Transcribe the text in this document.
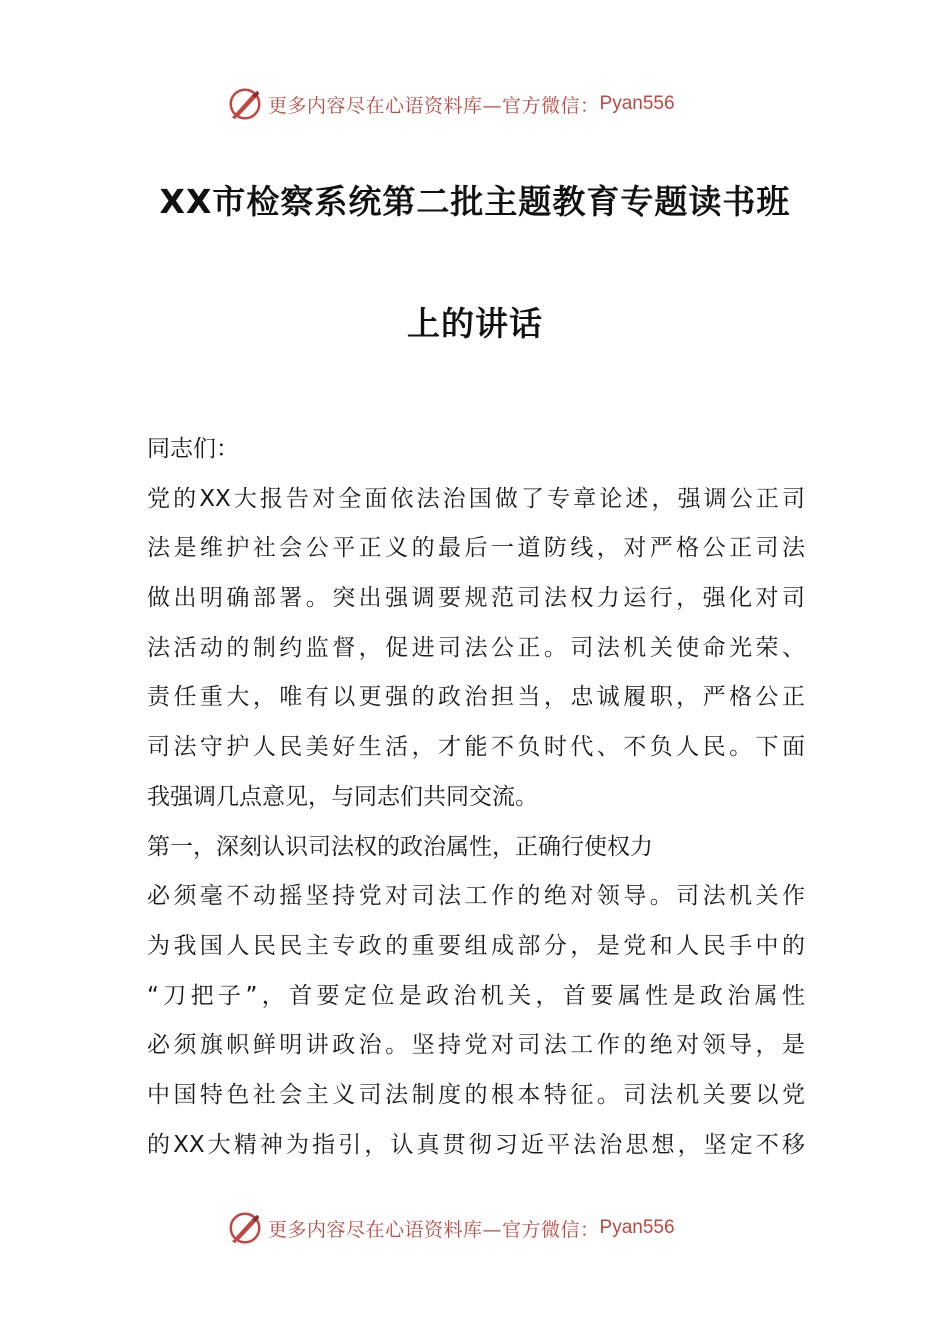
更多内容尽在心语资料库—官方微信： Pyan556
XX市检察系统第二批主题教育专题读书班
上的讲话
同志们：
党的XX大报告对全面依法治国做了专章论述，强调公正司
法是维护社会公平正义的最后一道防线，对严格公正司法
做出明确部署。突出强调要规范司法权力运行，强化对司
法活动的制约监督，促进司法公正。司法机关使命光荣、
责任重大，唯有以更强的政治担当，忠诚履职，严格公正
司法守护人民美好生活，才能不负时代、不负人民。下面
我强调几点意见，与同志们共同交流。
第一，深刻认识司法权的政治属性，正确行使权力
必须毫不动摇坚持党对司法工作的绝对领导。司法机关作
为我国人民民主专政的重要组成部分，是党和人民手中的
“刀把子”，首要定位是政治机关，首要属性是政治属性
必须旗帜鲜明讲政治。坚持党对司法工作的绝对领导，是
中国特色社会主义司法制度的根本特征。司法机关要以党
的XX大精神为指引，认真贯彻习近平法治思想，坚定不移
更多内容尽在心语资料库—官方微信： Pyan556
